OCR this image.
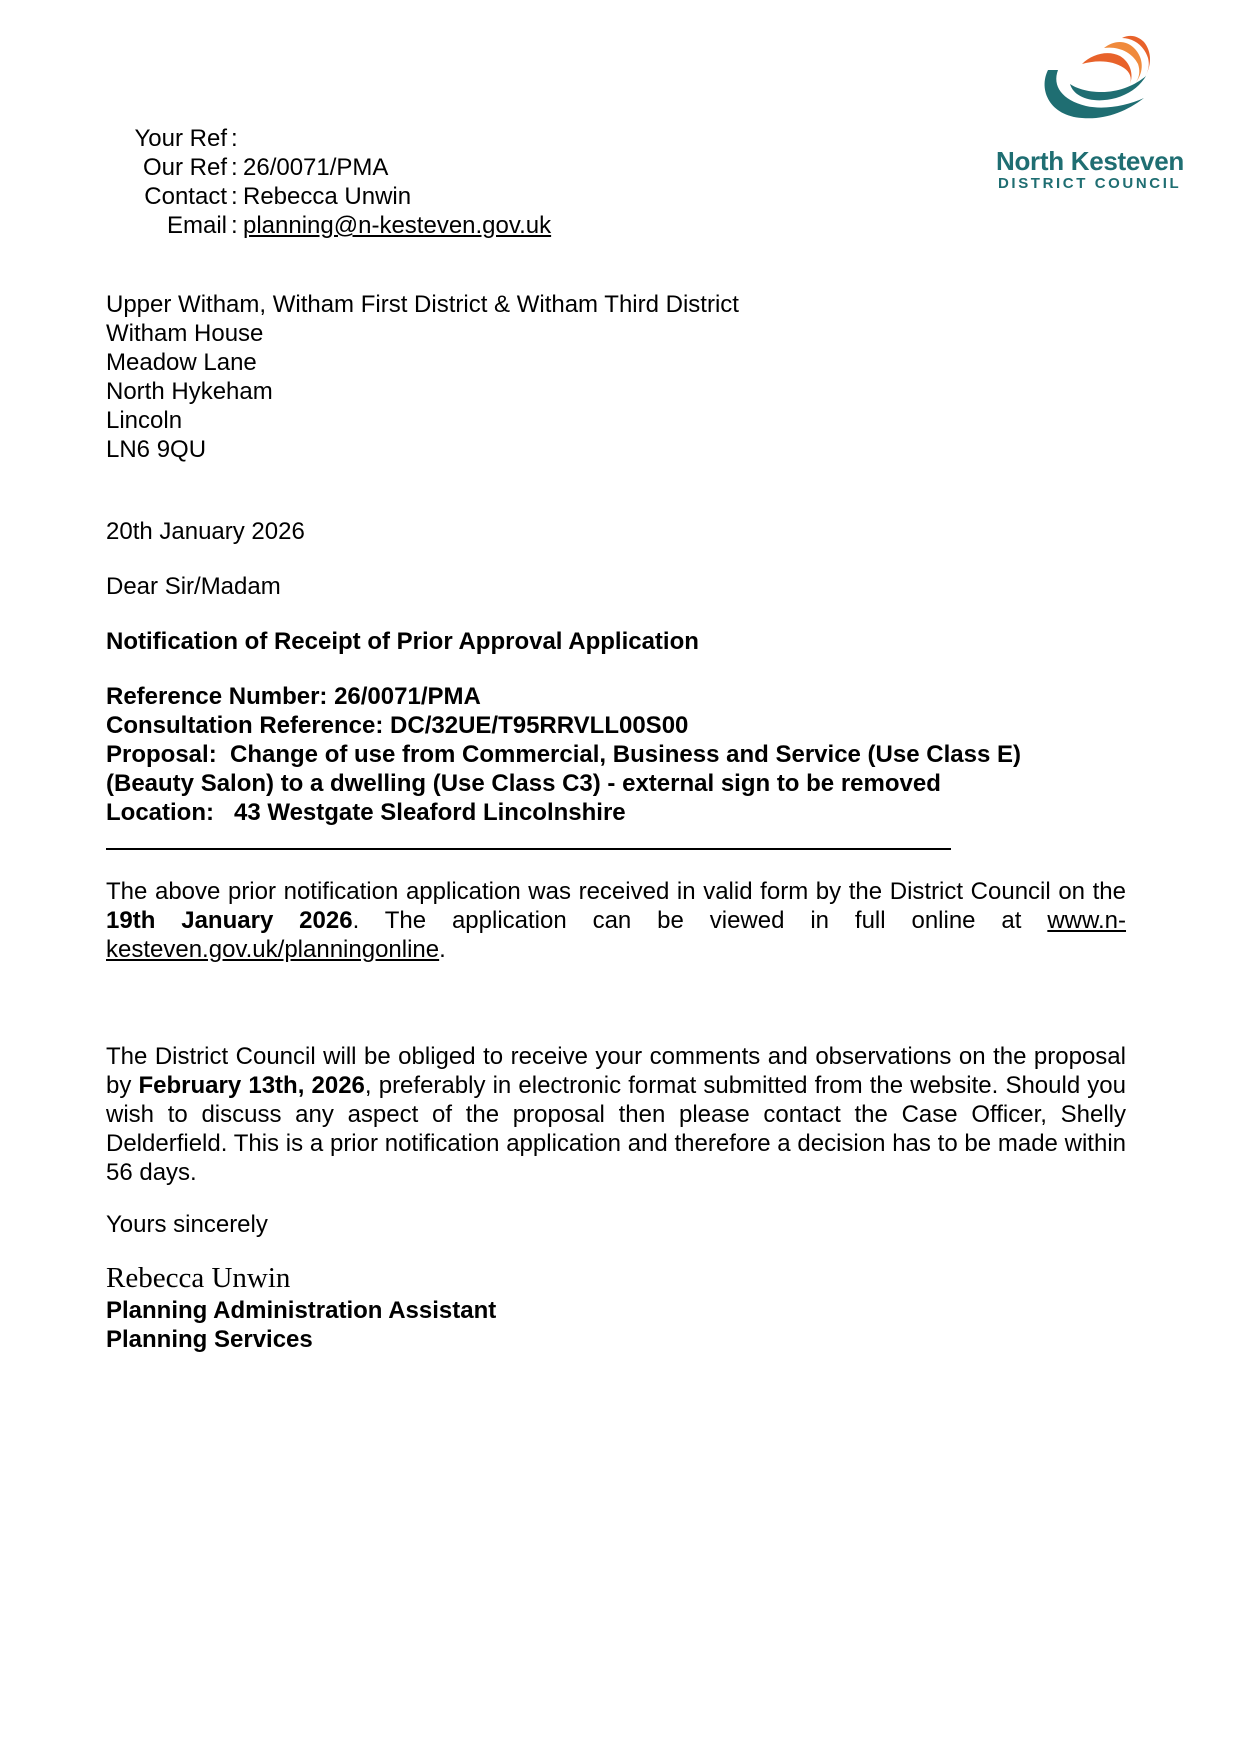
North Kesteven
DISTRICT COUNCIL
Your Ref :
Our Ref : 26/0071/PMA
Contact : Rebecca Unwin
Email : planning@n-kesteven.gov.uk
Upper Witham, Witham First District & Witham Third District
Witham House
Meadow Lane
North Hykeham
Lincoln
LN6 9QU
20th January 2026
Dear Sir/Madam
Notification of Receipt of Prior Approval Application
Reference Number: 26/0071/PMA
Consultation Reference: DC/32UE/T95RRVLL00S00
Proposal:  Change of use from Commercial, Business and Service (Use Class E)
(Beauty Salon) to a dwelling (Use Class C3) - external sign to be removed
Location:   43 Westgate Sleaford Lincolnshire
The above prior notification application was received in valid form by the District Council on the 19th January 2026. The application can be viewed in full online at www.n-kesteven.gov.uk/planningonline.
The District Council will be obliged to receive your comments and observations on the proposal by February 13th, 2026, preferably in electronic format submitted from the website. Should you wish to discuss any aspect of the proposal then please contact the Case Officer, Shelly Delderfield. This is a prior notification application and therefore a decision has to be made within 56 days.
Yours sincerely
Rebecca Unwin
Planning Administration Assistant
Planning Services
